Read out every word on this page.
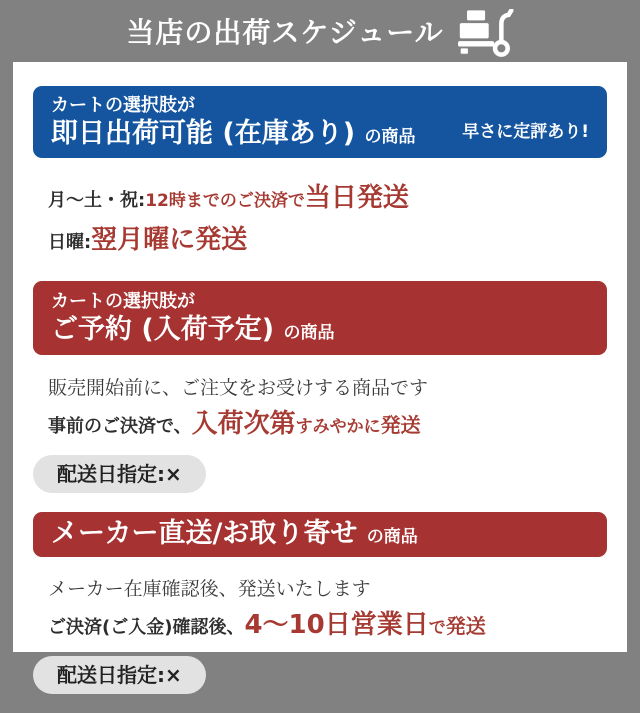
当店の出荷スケジュール
カートの選択肢が
即日出荷可能 (在庫あり) の商品	早さに定評あり!
月〜土・祝:12時までのご決済で当日発送
日曜:翌月曜に発送
カートの選択肢が
ご予約 (入荷予定) の商品
販売開始前に、ご注文をお受けする商品です
事前のご決済で、入荷次第すみやかに発送
配送日指定:×
メーカー直送/お取り寄せ の商品
メーカー在庫確認後、発送いたします
ご決済(ご入金)確認後、4〜10日営業日で発送
配送日指定:×
